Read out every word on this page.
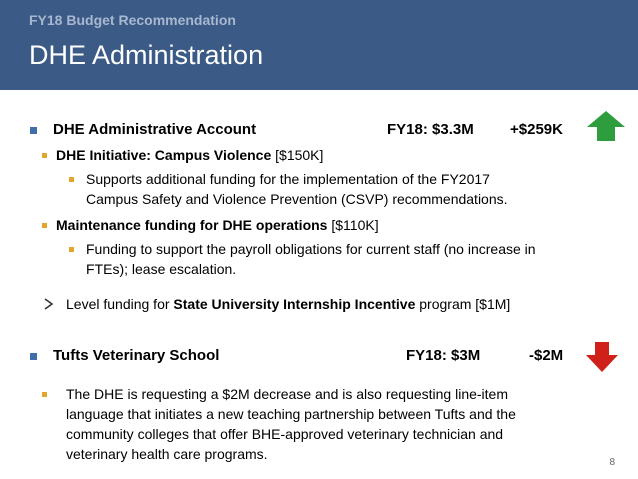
FY18 Budget Recommendation
DHE Administration
DHE Administrative Account	FY18: $3.3M +$259K
DHE Initiative: Campus Violence [$150K]
Supports additional funding for the implementation of the FY2017
Campus Safety and Violence Prevention (CSVP) recommendations.
Maintenance funding for DHE operations [$110K]
Funding to support the payroll obligations for current staff (no increase in
FTEs); lease escalation.
Level funding for State University Internship Incentive program [$1M]
Tufts Veterinary School	FY18: $3M	-$2M
The DHE is requesting a $2M decrease and is also requesting line-item
language that initiates a new teaching partnership between Tufts and the
community colleges that offer BHE-approved veterinary technician and
veterinary health care programs.
8
